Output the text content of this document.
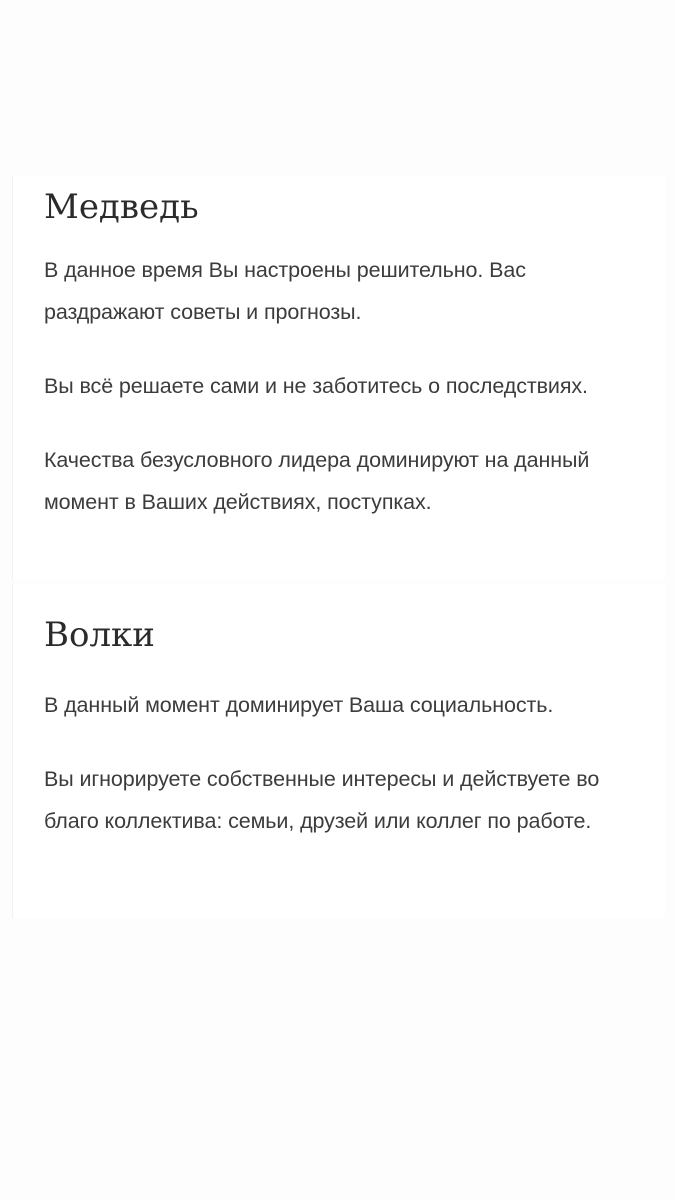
Медведь

В данное время Вы настроены решительно. Вас раздражают советы и прогнозы.

Вы всё решаете сами и не заботитесь о последствиях.

Качества безусловного лидера доминируют на данный момент в Ваших действиях, поступках.

Волки

В данный момент доминирует Ваша социальность.

Вы игнорируете собственные интересы и действуете во благо коллектива: семьи, друзей или коллег по работе.
